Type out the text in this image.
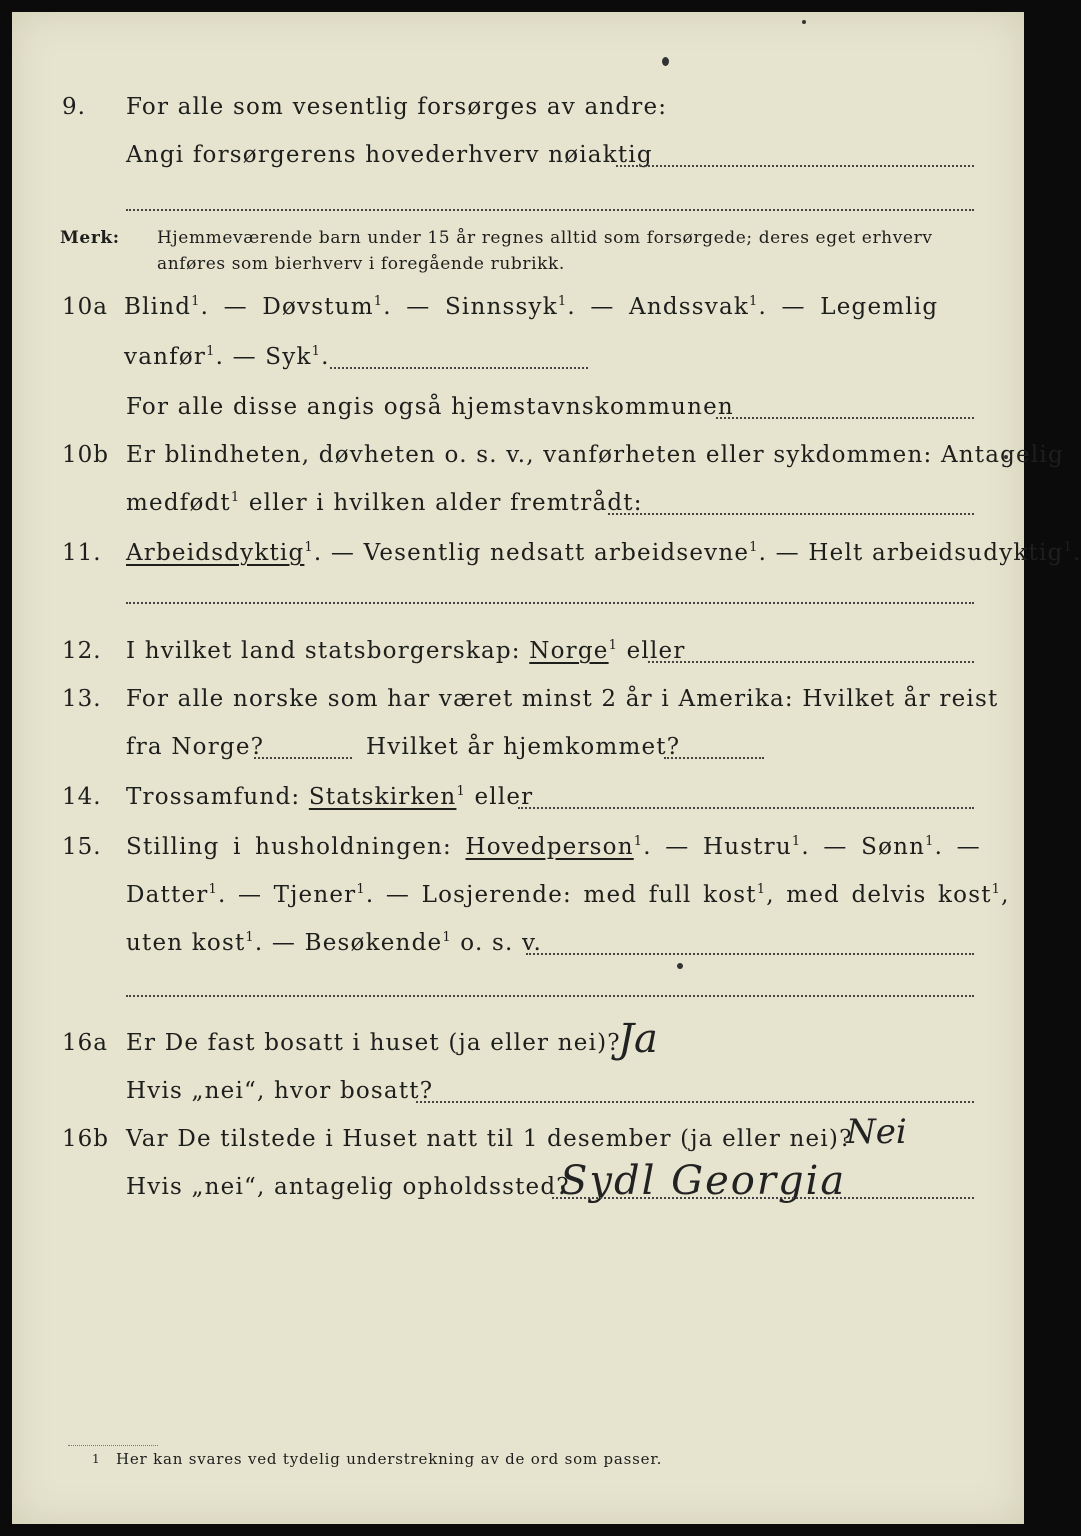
9. For alle som vesentlig forsørges av andre:
Angi forsørgerens hovederhverv nøiaktig
Merk: Hjemmeværende barn under 15 år regnes alltid som forsørgede; deres eget erhverv
anføres som bierhverv i foregående rubrikk.
10a Blind$^1$. — Døvstum$^1$. — Sinnssyk$^1$. — Andssvak$^1$. — Legemlig
vanfør$^1$. — Syk$^1$.
For alle disse angis også hjemstavnskommunen
10b Er blindheten, døvheten o. s. v., vanførheten eller sykdommen: Antagelig
medfødt$^1$ eller i hvilken alder fremtrådt:
11. Arbeidsdyktig$^1$. — Vesentlig nedsatt arbeidsevne$^1$. — Helt arbeidsudyktig$^1$.
12. I hvilket land statsborgerskap: Norge$^1$ eller
13. For alle norske som har været minst 2 år i Amerika: Hvilket år reist
fra Norge?	Hvilket år hjemkommet?
14. Trossamfund: Statskirken$^1$ eller
15. Stilling i husholdningen: Hovedperson$^1$. — Hustru$^1$. — Sønn$^1$. —
Datter$^1$. — Tjener$^1$. — Losjerende: med full kost$^1$, med delvis kost$^1$,
uten kost$^1$. — Besøkende$^1$ o. s. v.
16a Er De fast bosatt i huset (ja eller nei)?
Ja
Hvis „nei“, hvor bosatt?
16b Var De tilstede i Huset natt til 1 desember (ja eller nei)?
Nei
Hvis „nei“, antagelig opholdssted?
Sydl Georgia
1 Her kan svares ved tydelig understrekning av de ord som passer.
